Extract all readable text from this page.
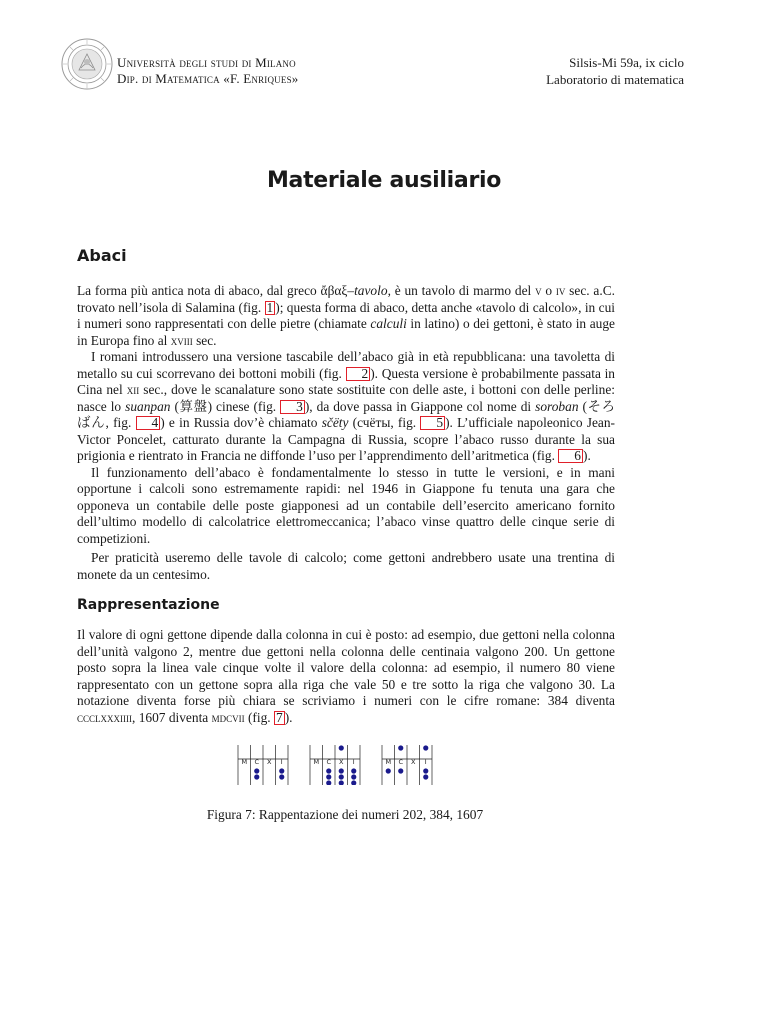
Università degli studi di Milano
Dip. di Matematica «F. Enriques»
Silsis-Mi 59a, ix ciclo
Laboratorio di matematica
Materiale ausiliario
Abaci

La forma più antica nota di abaco, dal greco ἄβαξ–tavolo, è un tavolo di marmo del v o iv sec. a.C. trovato nell’isola di Salamina (fig. 1 ); questa forma di abaco, detta anche «tavolo di calcolo», in cui i numeri sono rappresentati con delle pietre (chiamate calculi in latino) o dei gettoni, è stato in auge in Europa fino al xviii sec.

I romani introdussero una versione tascabile dell’abaco già in età repubblicana: una tavoletta di metallo su cui scorrevano dei bottoni mobili (fig. 2 ). Questa versione è probabilmente passata in Cina nel xii sec., dove le scanalature sono state sostituite con delle aste, i bottoni con delle perline: nasce lo suanpan (算盤) cinese (fig. 3 ), da dove passa in Giappone col nome di soroban (そろばん, fig. 4 ) e in Russia dov’è chiamato sčëty (счёты, fig. 5 ). L’ufficiale napoleonico Jean-Victor Poncelet, catturato durante la Campagna di Russia, scopre l’abaco russo durante la sua prigionia e rientrato in Francia ne diffonde l’uso per l’apprendimento dell’aritmetica (fig. 6 ).

Il funzionamento dell’abaco è fondamentalmente lo stesso in tutte le versioni, e in mani opportune i calcoli sono estremamente rapidi: nel 1946 in Giappone fu tenuta una gara che opponeva un contabile delle poste giapponesi ad un contabile dell’esercito americano fornito dell’ultimo modello di calcolatrice elettromeccanica; l’abaco vinse quattro delle cinque serie di competizioni.

Per praticità useremo delle tavole di calcolo; come gettoni andrebbero usate una trentina di monete da un centesimo.

Rappresentazione

Il valore di ogni gettone dipende dalla colonna in cui è posto: ad esempio, due gettoni nella colonna dell’unità valgono 2, mentre due gettoni nella colonna delle centinaia valgono 200. Un gettone posto sopra la linea vale cinque volte il valore della colonna: ad esempio, il numero 80 viene rappresentato con un gettone sopra alla riga che vale 50 e tre sotto la riga che valgono 30. La notazione diventa forse più chiara se scriviamo i numeri con le cifre romane: 384 diventa ccclxxxiiii, 1607 diventa mdcvii (fig. 7 ).

M C X I	M C X I	M C X I
Figura 7: Rappentazione dei numeri 202, 384, 1607
